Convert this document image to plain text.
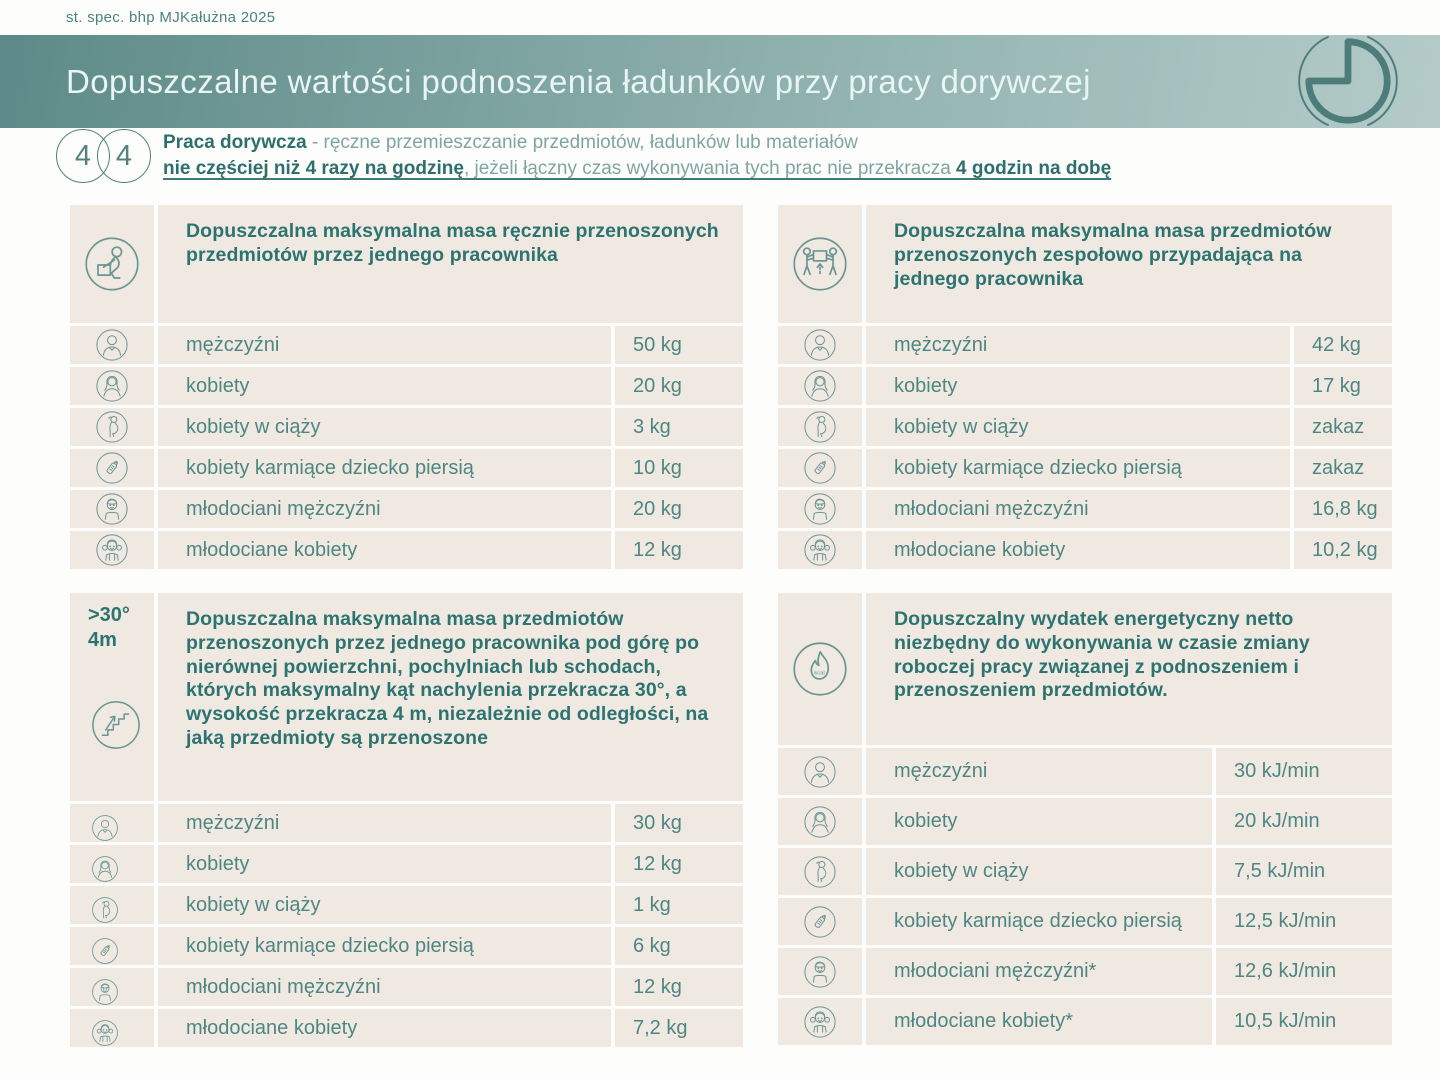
st. spec. bhp MJKałużna 2025
Dopuszczalne wartości podnoszenia ładunków przy pracy dorywczej
4 4	Praca dorywcza - ręczne przemieszczanie przedmiotów, ładunków lub materiałów
nie częściej niż 4 razy na godzinę, jeżeli łączny czas wykonywania tych prac nie przekracza 4 godzin na dobę
Dopuszczalna maksymalna masa ręcznie przenoszonych przedmiotów przez jednego pracownika
mężczyźni	50 kg
kobiety	20 kg
kobiety w ciąży	3 kg
kobiety karmiące dziecko piersią	10 kg
młodociani mężczyźni	20 kg
młodociane kobiety	12 kg
Dopuszczalna maksymalna masa przedmiotów przenoszonych zespołowo przypadająca na jednego pracownika
mężczyźni	42 kg
kobiety	17 kg
kobiety w ciąży	zakaz
kobiety karmiące dziecko piersią	zakaz
młodociani mężczyźni	16,8 kg
młodociane kobiety	10,2 kg
>30°
4m
Dopuszczalna maksymalna masa przedmiotów przenoszonych przez jednego pracownika pod górę po nierównej powierzchni, pochylniach lub schodach, których maksymalny kąt nachylenia przekracza 30°, a wysokość przekracza 4 m, niezależnie od odległości, na jaką przedmioty są przenoszone
mężczyźni	30 kg
kobiety	12 kg
kobiety w ciąży	1 kg
kobiety karmiące dziecko piersią	6 kg
młodociani mężczyźni	12 kg
młodociane kobiety	7,2 kg
Dopuszczalny wydatek energetyczny netto niezbędny do wykonywania w czasie zmiany roboczej pracy związanej z podnoszeniem i przenoszeniem przedmiotów.
mężczyźni	30 kJ/min
kobiety	20 kJ/min
kobiety w ciąży	7,5 kJ/min
kobiety karmiące dziecko piersią	12,5 kJ/min
młodociani mężczyźni*	12,6 kJ/min
młodociane kobiety*	10,5 kJ/min
